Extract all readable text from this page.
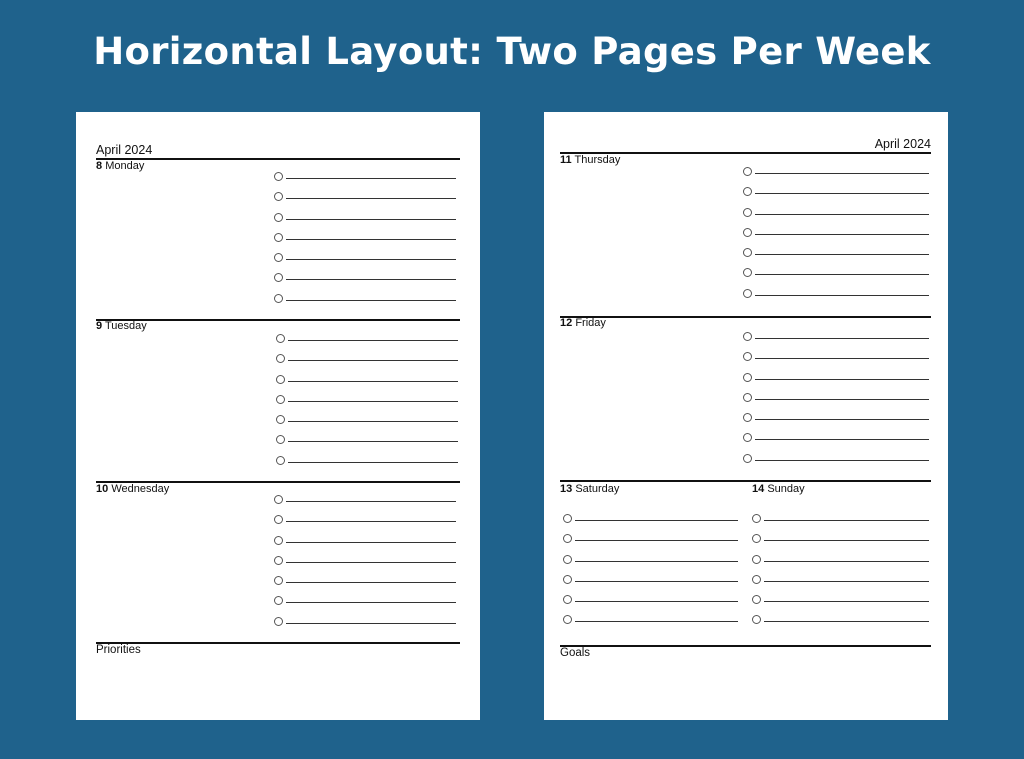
Horizontal Layout: Two Pages Per Week
April 2024
8 Monday
9 Tuesday
10 Wednesday
Priorities
April 2024
11 Thursday
12 Friday
13 Saturday	14 Sunday
Goals
